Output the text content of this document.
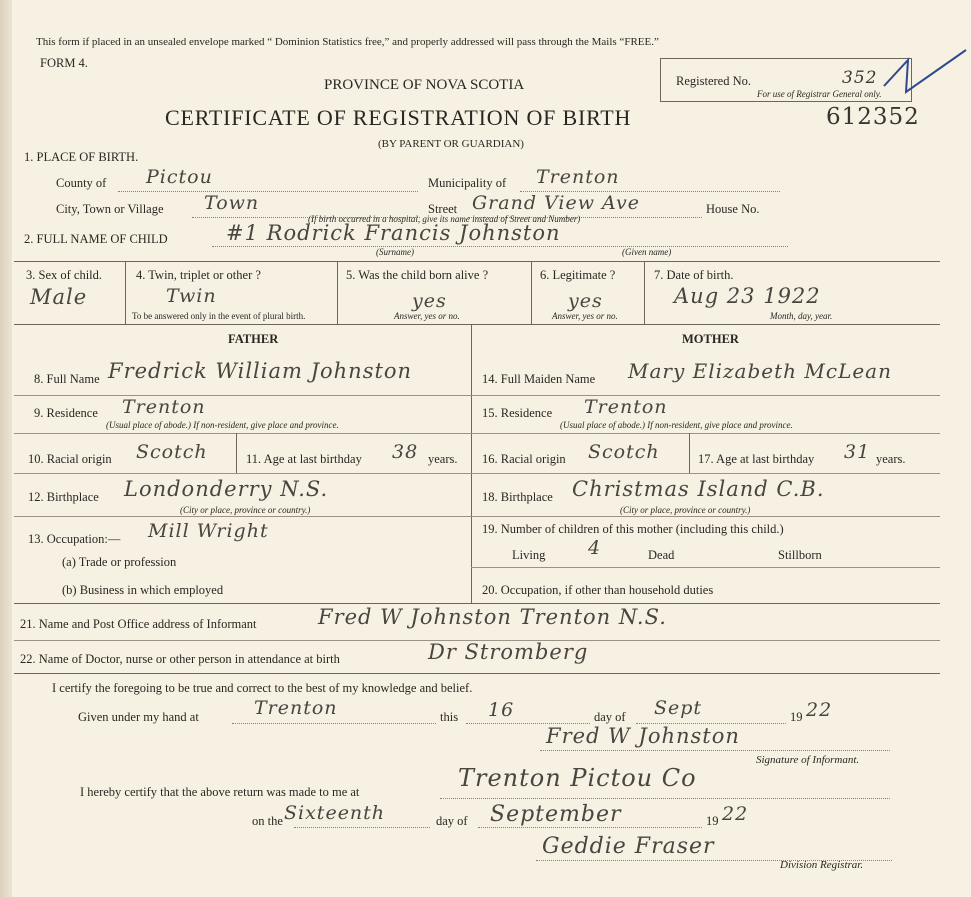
This form if placed in an unsealed envelope marked “ Dominion Statistics free,” and properly addressed will pass through the Mails “FREE.”
FORM 4.
PROVINCE OF NOVA SCOTIA
CERTIFICATE OF REGISTRATION OF BIRTH
(BY PARENT OR GUARDIAN)
Registered No.	352
For use of Registrar General only.
612352
1. PLACE OF BIRTH.
County of Pictou	Municipality of Trenton
City, Town or Village Town	Street Grand View Ave	House No.
(If birth occurred in a hospital, give its name instead of Street and Number)
2. FULL NAME OF CHILD	#1 Rodrick Francis Johnston
(Surname)	(Given name)
3. Sex of child.
Male
4. Twin, triplet or other ?
Twin
To be answered only in the event of plural birth.
5. Was the child born alive ?
yes
Answer, yes or no.
6. Legitimate ?
yes
Answer, yes or no.
7. Date of birth.
Aug 23 1922
Month, day, year.
FATHER	MOTHER
8. Full Name Fredrick William Johnston
9. Residence Trenton
(Usual place of abode.) If non-resident, give place and province.
10. Racial origin Scotch	11. Age at last birthday 38 years.
12. Birthplace Londonderry N.S.
(City or place, province or country.)
13. Occupation:— Mill Wright
(a) Trade or profession
(b) Business in which employed
14. Full Maiden Name Mary Elizabeth McLean
15. Residence Trenton
(Usual place of abode.) If non-resident, give place and province.
16. Racial origin Scotch	17. Age at last birthday 31 years.
18. Birthplace Christmas Island C.B.
(City or place, province or country.)
19. Number of children of this mother (including this child.)
Living 4	Dead	Stillborn
20. Occupation, if other than household duties
21. Name and Post Office address of Informant	Fred W Johnston Trenton N.S.
22. Name of Doctor, nurse or other person in attendance at birth	Dr Stromberg
I certify the foregoing to be true and correct to the best of my knowledge and belief.
Given under my hand at	Trenton	this 16	day of Sept	19 22
Fred W Johnston
Signature of Informant.
I hereby certify that the above return was made to me at	Trenton Pictou Co
on the Sixteenth	day of September	19 22
Geddie Fraser
Division Registrar.
